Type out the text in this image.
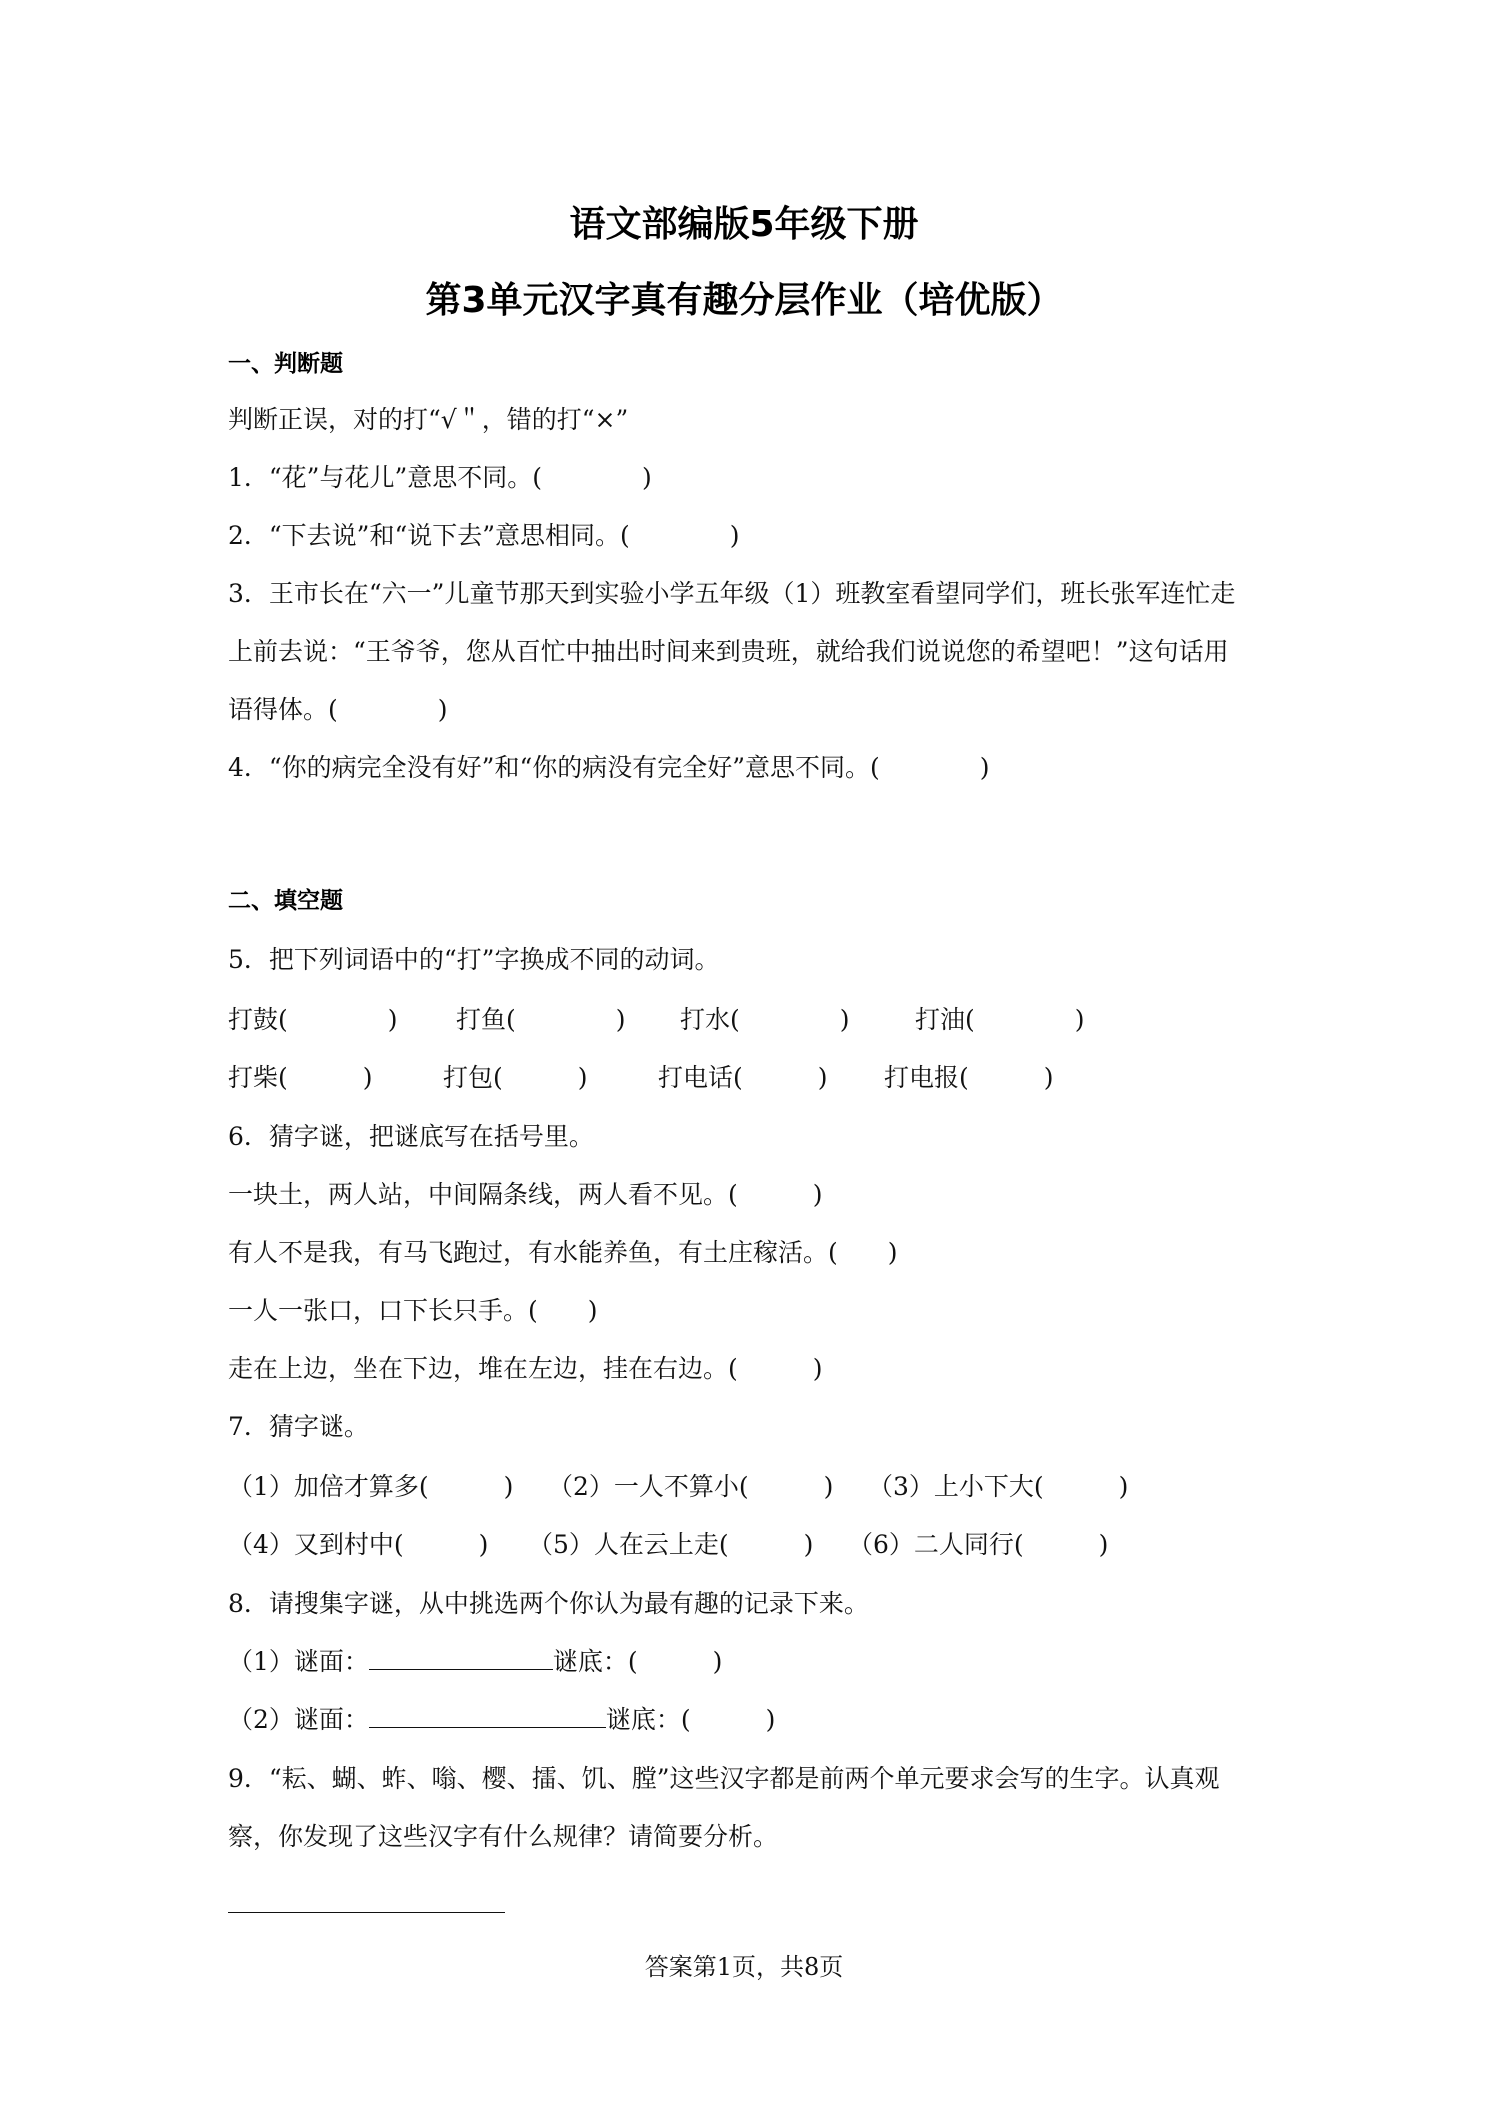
语文部编版5年级下册
第3单元汉字真有趣分层作业（培优版）
一、判断题
判断正误，对的打“√＂，错的打“×”
1．“花”与花儿”意思不同。(　　　　)
2．“下去说”和“说下去”意思相同。(　　　　)
3．王市长在“六一”儿童节那天到实验小学五年级（1）班教室看望同学们，班长张军连忙走
上前去说：“王爷爷，您从百忙中抽出时间来到贵班，就给我们说说您的希望吧！”这句话用
语得体。(　　　　)
4．“你的病完全没有好”和“你的病没有完全好”意思不同。(　　　　)
二、填空题
5．把下列词语中的“打”字换成不同的动词。
打鼓(　　　　) 打鱼(　　　　) 打水(　　　　)	打油(　　　　)
打柴(　　　)	打包(　　　)	打电话(　　　) 打电报(　　　)
6．猜字谜，把谜底写在括号里。
一块土，两人站，中间隔条线，两人看不见。(　　　)
有人不是我，有马飞跑过，有水能养鱼，有土庄稼活。(　　)
一人一张口，口下长只手。(　　)
走在上边，坐在下边，堆在左边，挂在右边。(　　　)
7．猜字谜。
（1）加倍才算多(　　　) （2）一人不算小(　　　) （3）上小下大(　　　)
（4）又到村中(　　　) （5）人在云上走(　　　) （6）二人同行(　　　)
8．请搜集字谜，从中挑选两个你认为最有趣的记录下来。
（1）谜面：	谜底：(　　　)
（2）谜面：	谜底：(　　　)
9．“耘、蝴、蚱、嗡、樱、擂、饥、膛”这些汉字都是前两个单元要求会写的生字。认真观
察，你发现了这些汉字有什么规律？请简要分析。
答案第1页，共8页
